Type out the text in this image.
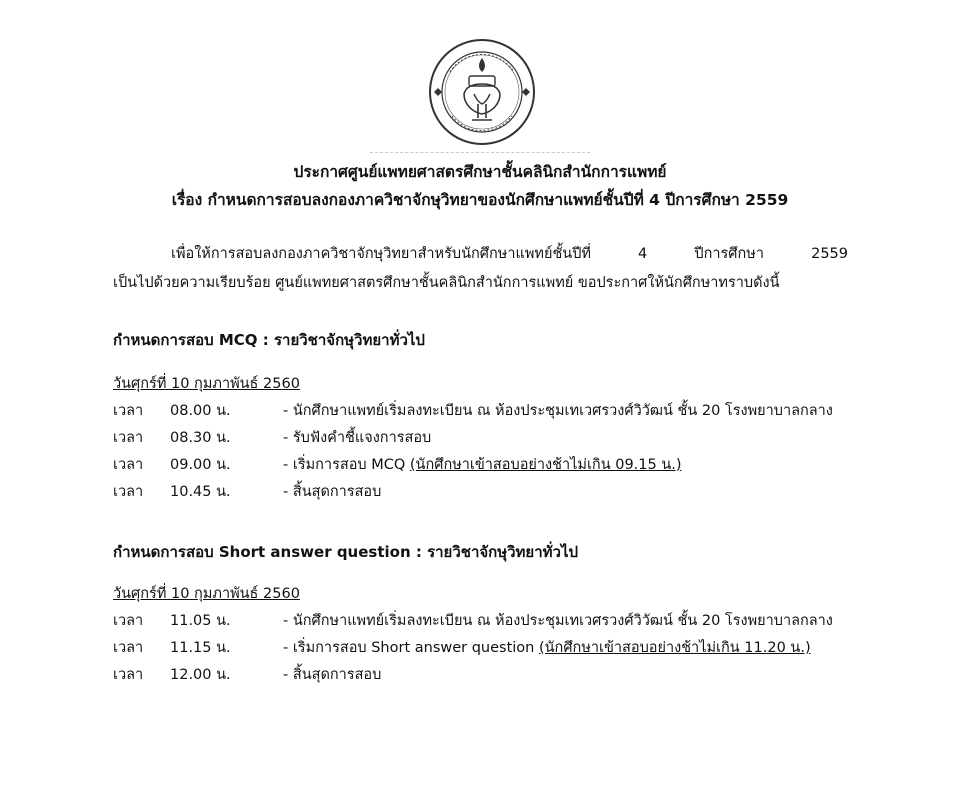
ประกาศศูนย์แพทยศาสตรศึกษาชั้นคลินิกสำนักการแพทย์
เรื่อง กำหนดการสอบลงกองภาควิชาจักษุวิทยาของนักศึกษาแพทย์ชั้นปีที่ 4 ปีการศึกษา 2559
เพื่อให้การสอบลงกองภาควิชาจักษุวิทยาสำหรับนักศึกษาแพทย์ชั้นปีที่ 4 ปีการศึกษา 2559
เป็นไปด้วยความเรียบร้อย ศูนย์แพทยศาสตรศึกษาชั้นคลินิกสำนักการแพทย์ ขอประกาศให้นักศึกษาทราบดังนี้
กำหนดการสอบ MCQ : รายวิชาจักษุวิทยาทั่วไป
วันศุกร์ที่ 10 กุมภาพันธ์ 2560
เวลา 08.00 น.	- นักศึกษาแพทย์เริ่มลงทะเบียน ณ ห้องประชุมเทเวศรวงศ์วิวัฒน์ ชั้น 20 โรงพยาบาลกลาง
เวลา 08.30 น.	- รับฟังคำชี้แจงการสอบ
เวลา 09.00 น.	- เริ่มการสอบ MCQ (นักศึกษาเข้าสอบอย่างช้าไม่เกิน 09.15 น.)
เวลา 10.45 น.	- สิ้นสุดการสอบ
กำหนดการสอบ Short answer question : รายวิชาจักษุวิทยาทั่วไป
วันศุกร์ที่ 10 กุมภาพันธ์ 2560
เวลา 11.05 น.	- นักศึกษาแพทย์เริ่มลงทะเบียน ณ ห้องประชุมเทเวศรวงศ์วิวัฒน์ ชั้น 20 โรงพยาบาลกลาง
เวลา 11.15 น.	- เริ่มการสอบ Short answer question (นักศึกษาเข้าสอบอย่างช้าไม่เกิน 11.20 น.)
เวลา 12.00 น.	- สิ้นสุดการสอบ
